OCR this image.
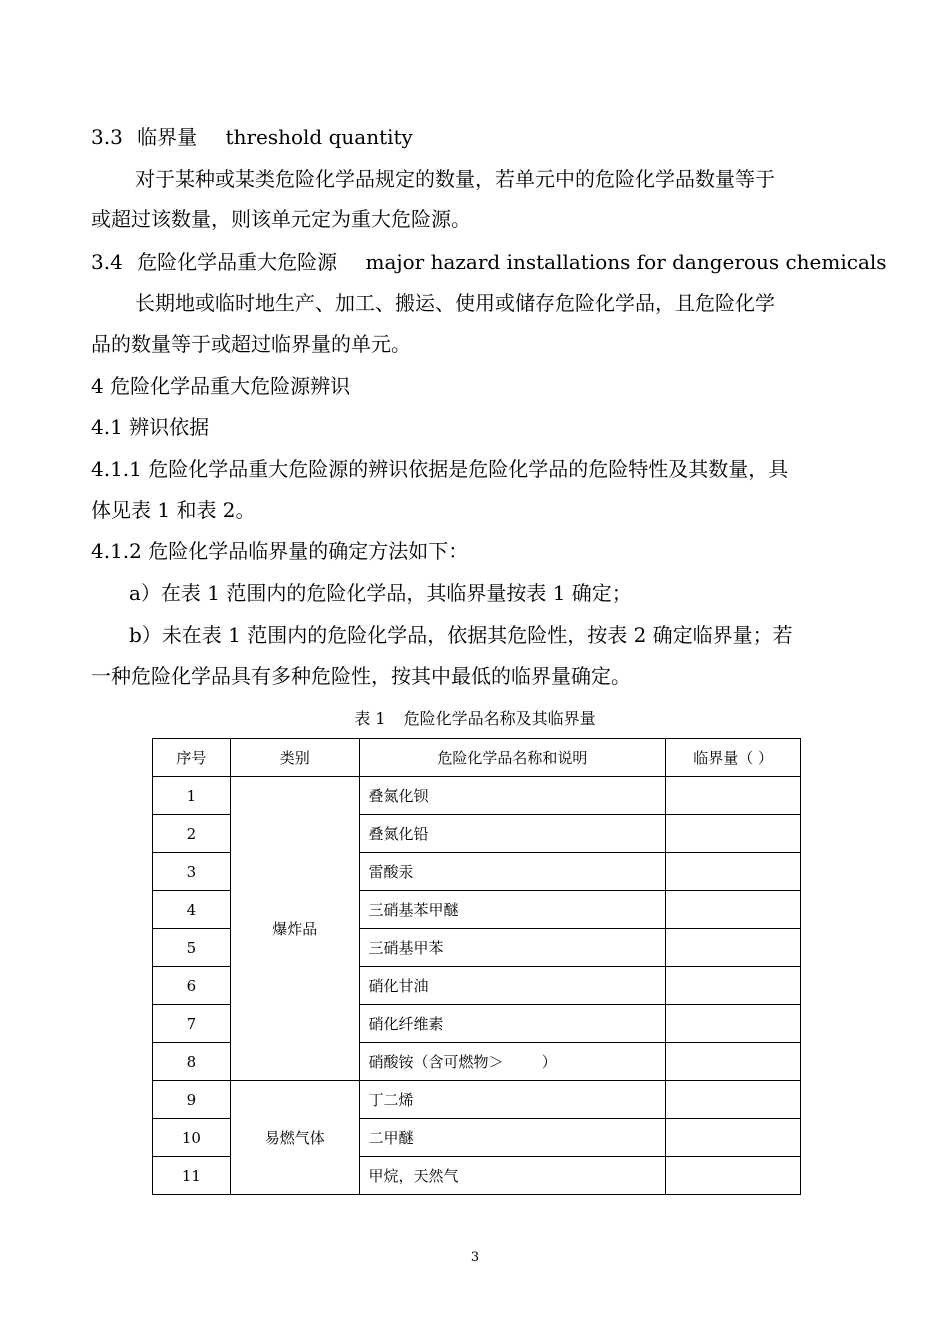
3.3 临界量 threshold quantity
对于某种或某类危险化学品规定的数量，若单元中的危险化学品数量等于
或超过该数量，则该单元定为重大危险源。
3.4 危险化学品重大危险源 major hazard installations for dangerous chemicals
长期地或临时地生产、加工、搬运、使用或储存危险化学品，且危险化学
品的数量等于或超过临界量的单元。
4 危险化学品重大危险源辨识
4.1 辨识依据
4.1.1 危险化学品重大危险源的辨识依据是危险化学品的危险特性及其数量，具
体见表 1 和表 2。
4.1.2 危险化学品临界量的确定方法如下：
a）在表 1 范围内的危险化学品，其临界量按表 1 确定；
b）未在表 1 范围内的危险化学品，依据其危险性，按表 2 确定临界量；若
一种危险化学品具有多种危险性，按其中最低的临界量确定。
表 1 危险化学品名称及其临界量
序号	类别	危险化学品名称和说明	临界量（ ）
1	爆炸品	叠氮化钡	
2		叠氮化铅	
3		雷酸汞	
4		三硝基苯甲醚	
5		三硝基甲苯	
6		硝化甘油	
7		硝化纤维素	
8		硝酸铵（含可燃物＞        ）	
9	易燃气体	丁二烯	
10		二甲醚	
11		甲烷，天然气	
3
